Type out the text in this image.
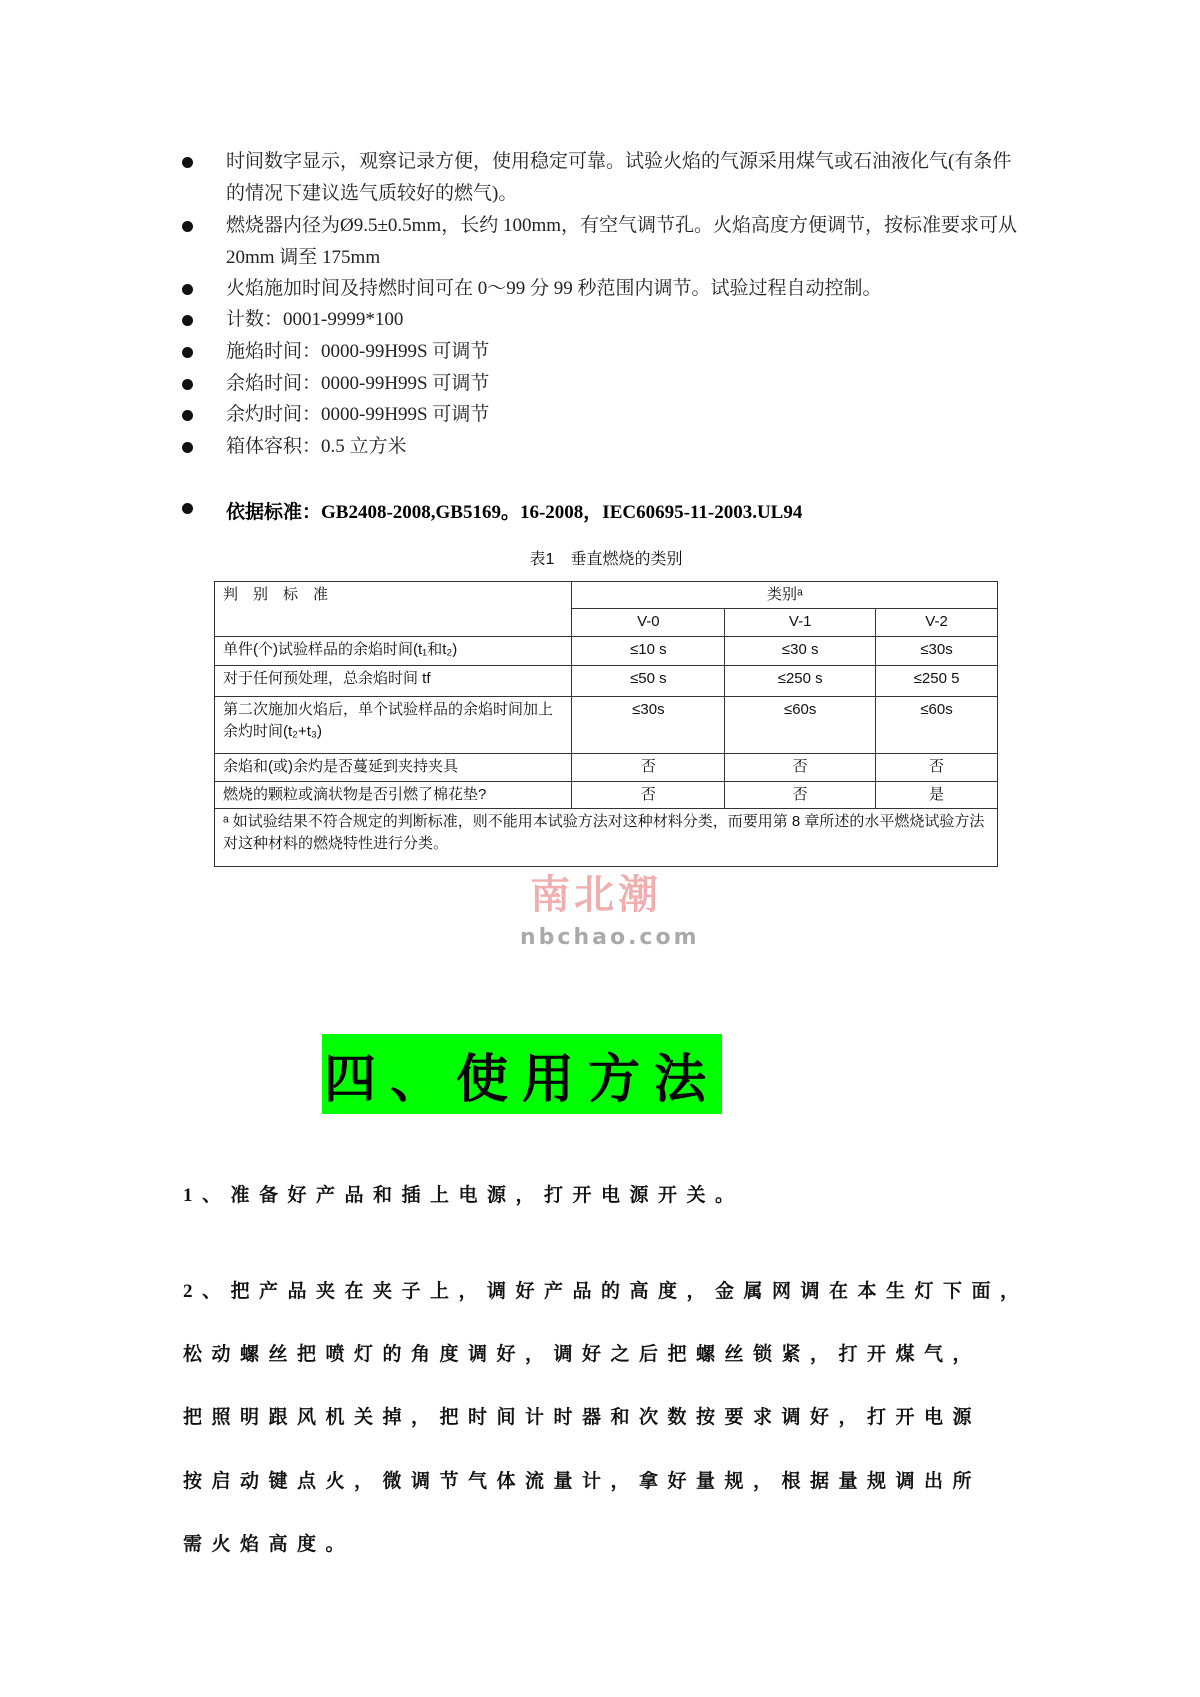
时间数字显示，观察记录方便，使用稳定可靠。试验火焰的气源采用煤气或石油液化气(有条件的情况下建议选气质较好的燃气)。
燃烧器内径为Ø9.5±0.5mm，长约 100mm，有空气调节孔。火焰高度方便调节，按标准要求可从 20mm 调至 175mm
火焰施加时间及持燃时间可在 0～99 分 99 秒范围内调节。试验过程自动控制。
计数：0001-9999*100
施焰时间：0000-99H99S 可调节
余焰时间：0000-99H99S 可调节
余灼时间：0000-99H99S 可调节
箱体容积：0.5 立方米
依据标准：GB2408-2008,GB5169。16-2008，IEC60695-11-2003.UL94
表1　垂直燃烧的类别
判　别　标　准	类别ᵃ		
	V-0	V-1	V-2
单件(个)试验样品的余焰时间(t₁和t₂)	≤10 s	≤30 s	≤30s
对于任何预处理，总余焰时间 tf	≤50 s	≤250 s	≤250 5
第二次施加火焰后，单个试验样品的余焰时间加上余灼时间(t₂+t₃)	≤30s	≤60s	≤60s
余焰和(或)余灼是否蔓延到夹持夹具	否	否	否
燃烧的颗粒或滴状物是否引燃了棉花垫?	否	否	是
ᵃ 如试验结果不符合规定的判断标准，则不能用本试验方法对这种材料分类，而要用第 8 章所述的水平燃烧试验方法对这种材料的燃烧特性进行分类。			
南北潮
nbchao.com
四、使用方法
1、准备好产品和插上电源，打开电源开关。
2、把产品夹在夹子上，调好产品的高度，金属网调在本生灯下面，
松动螺丝把喷灯的角度调好，调好之后把螺丝锁紧，打开煤气，
把照明跟风机关掉，把时间计时器和次数按要求调好，打开电源
按启动键点火，微调节气体流量计，拿好量规，根据量规调出所
需火焰高度。
